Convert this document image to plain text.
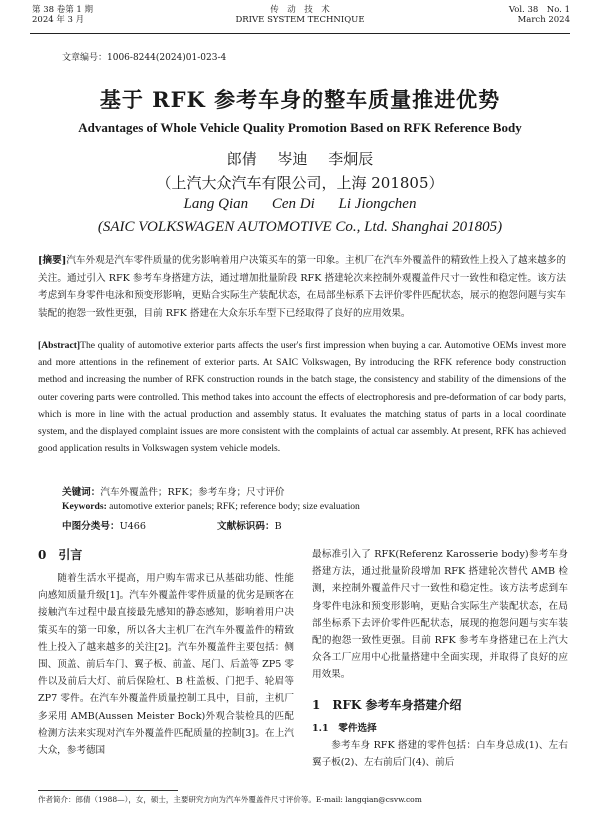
第 38 卷第 1 期
2024 年 3 月
传　动　技　术
DRIVE SYSTEM TECHNIQUE
Vol. 38　No. 1
March 2024
文章编号：1006-8244(2024)01-023-4
基于 RFK 参考车身的整车质量推进优势
Advantages of Whole Vehicle Quality Promotion Based on RFK Reference Body
郎倩 岑迪 李炯辰
（上汽大众汽车有限公司，上海 201805）
Lang Qian Cen Di Li Jiongchen
(SAIC VOLKSWAGEN AUTOMOTIVE Co., Ltd. Shanghai 201805)
[摘要]汽车外观是汽车零件质量的优劣影响着用户决策买车的第一印象。主机厂在汽车外覆盖件的精致性上投入了越来越多的关注。通过引入 RFK 参考车身搭建方法，通过增加批量阶段 RFK 搭建轮次来控制外观覆盖件尺寸一致性和稳定性。该方法考虑到车身零件电泳和预变形影响，更贴合实际生产装配状态，在局部坐标系下去评价零件匹配状态，展示的抱怨问题与实车装配的抱怨一致性更强，目前 RFK 搭建在大众东乐车型下已经取得了良好的应用效果。
[Abstract]The quality of automotive exterior parts affects the user's first impression when buying a car. Automotive OEMs invest more and more attentions in the refinement of exterior parts. At SAIC Volkswagen, By introducing the RFK reference body construction method and increasing the number of RFK construction rounds in the batch stage, the consistency and stability of the dimensions of the outer covering parts were controlled. This method takes into account the effects of electrophoresis and pre-deformation of car body parts, which is more in line with the actual production and assembly status. It evaluates the matching status of parts in a local coordinate system, and the displayed complaint issues are more consistent with the complaints of actual car assembly. At present, RFK has achieved good application results in Volkswagen system vehicle models.
关键词：汽车外覆盖件；RFK；参考车身；尺寸评价
Keywords: automotive exterior panels; RFK; reference body; size evaluation
中图分类号：U466	文献标识码：B
0　引言

随着生活水平提高，用户购车需求已从基础功能、性能向感知质量升级[1]。汽车外覆盖件零件质量的优劣是顾客在接触汽车过程中最直接最先感知的静态感知，影响着用户决策买车的第一印象，所以各大主机厂在汽车外覆盖件的精致性上投入了越来越多的关注[2]。汽车外覆盖件主要包括：侧围、顶盖、前后车门、翼子板、前盖、尾门、后盖等 ZP5 零件以及前后大灯、前后保险杠、B 柱盖板、门把手、轮眉等 ZP7 零件。在汽车外覆盖件质量控制工具中，目前，主机厂多采用 AMB(Aussen Meister Bock)外观合装检具的匹配检测方法来实现对汽车外覆盖件匹配质量的控制[3]。在上汽大众，参考德国

最标准引入了 RFK(Referenz Karosserie body)参考车身搭建方法，通过批量阶段增加 RFK 搭建轮次替代 AMB 检测，来控制外覆盖件尺寸一致性和稳定性。该方法考虑到车身零件电泳和预变形影响，更贴合实际生产装配状态，在局部坐标系下去评价零件匹配状态，展现的抱怨问题与实车装配的抱怨一致性更强。目前 RFK 参考车身搭建已在上汽大众各工厂应用中心批量搭建中全面实现，并取得了良好的应用效果。

1　RFK 参考车身搭建介绍
1.1　零件选择

参考车身 RFK 搭建的零件包括：白车身总成(1)、左右翼子板(2)、左右前后门(4)、前后

作者简介：郎倩（1988—），女，硕士，主要研究方向为汽车外覆盖件尺寸评价等。E-mail: langqian@csvw.com
